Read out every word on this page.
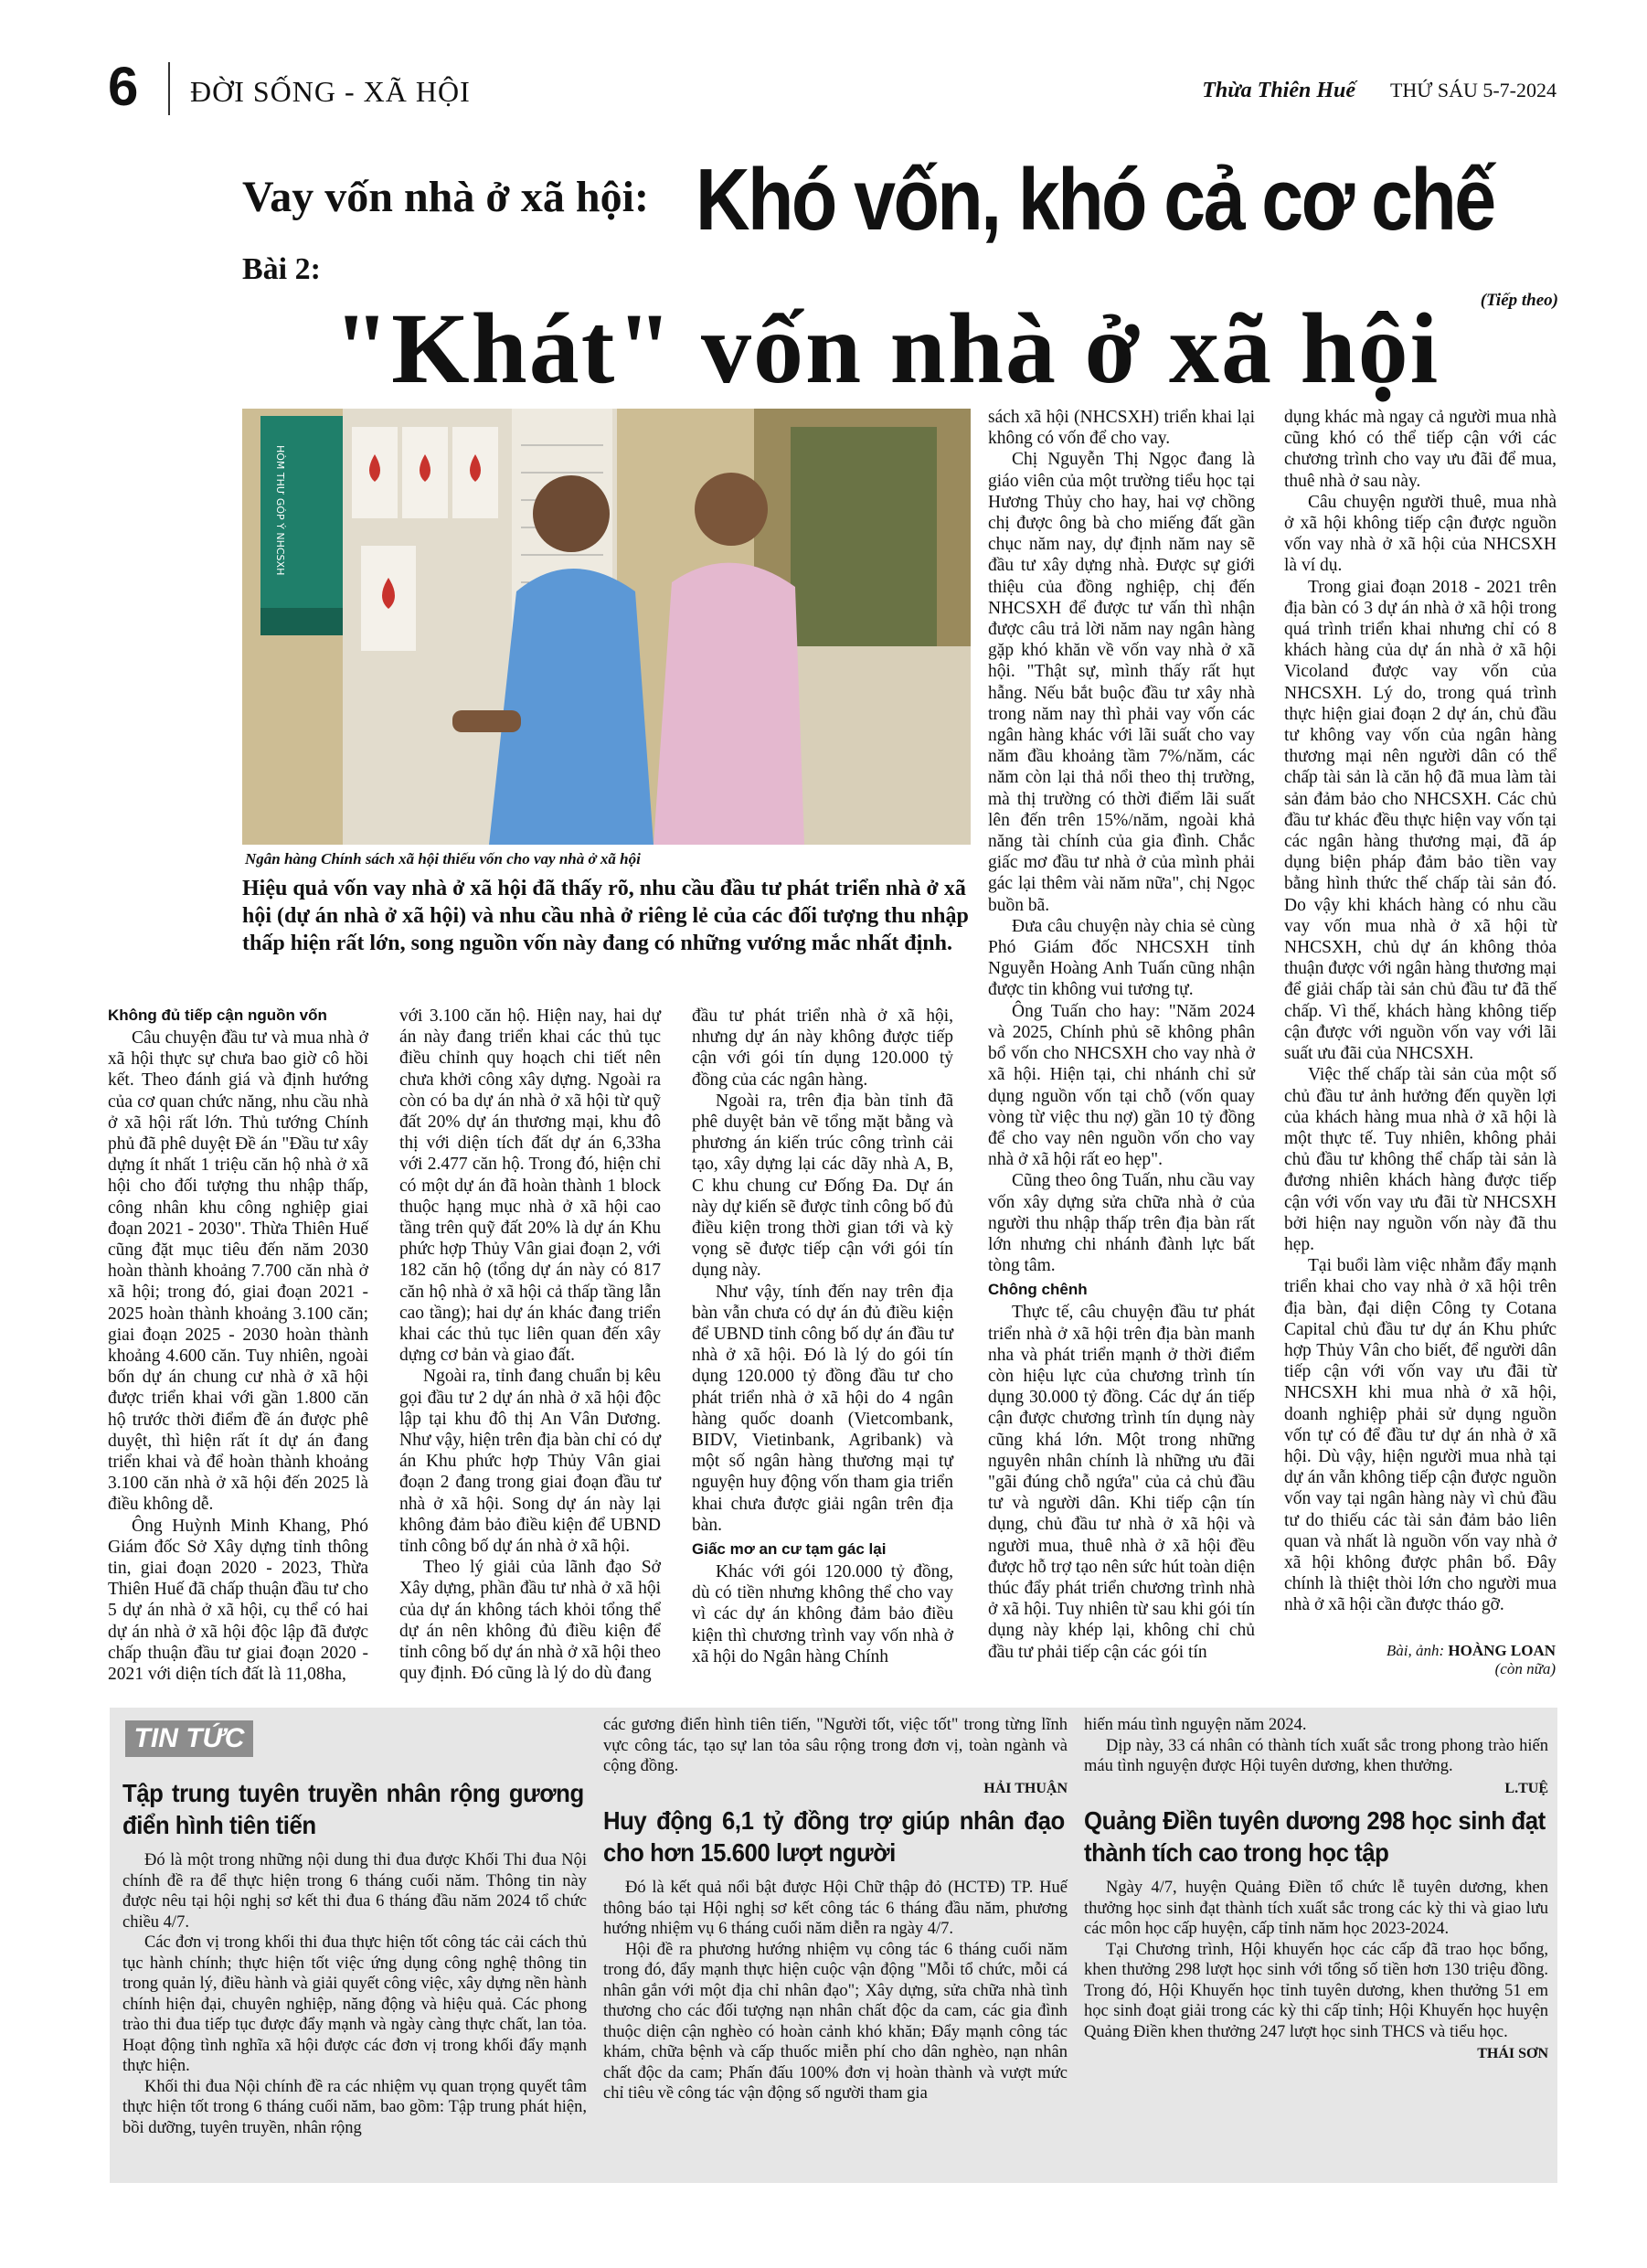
6 ĐỜI SỐNG - XÃ HỘI	Thừa Thiên Huế THỨ SÁU 5-7-2024
Vay vốn nhà ở xã hội: Khó vốn, khó cả cơ chế
Bài 2:
(Tiếp theo)
"Khát" vốn nhà ở xã hội
HÒM THƯ GÓP Ý NHCSXH
Ngân hàng Chính sách xã hội thiếu vốn cho vay nhà ở xã hội
Hiệu quả vốn vay nhà ở xã hội đã thấy rõ, nhu cầu đầu tư phát triển nhà ở xã hội (dự án nhà ở xã hội) và nhu cầu nhà ở riêng lẻ của các đối tượng thu nhập thấp hiện rất lớn, song nguồn vốn này đang có những vướng mắc nhất định.
Không đủ tiếp cận nguồn vốn

Câu chuyện đầu tư và mua nhà ở xã hội thực sự chưa bao giờ cô hồi kết. Theo đánh giá và định hướng của cơ quan chức năng, nhu cầu nhà ở xã hội rất lớn. Thủ tướng Chính phủ đã phê duyệt Đề án "Đầu tư xây dựng ít nhất 1 triệu căn hộ nhà ở xã hội cho đối tượng thu nhập thấp, công nhân khu công nghiệp giai đoạn 2021 - 2030". Thừa Thiên Huế cũng đặt mục tiêu đến năm 2030 hoàn thành khoảng 7.700 căn nhà ở xã hội; trong đó, giai đoạn 2021 - 2025 hoàn thành khoảng 3.100 căn; giai đoạn 2025 - 2030 hoàn thành khoảng 4.600 căn. Tuy nhiên, ngoài bốn dự án chung cư nhà ở xã hội được triển khai với gần 1.800 căn hộ trước thời điểm đề án được phê duyệt, thì hiện rất ít dự án đang triển khai và để hoàn thành khoảng 3.100 căn nhà ở xã hội đến 2025 là điều không dễ.

Ông Huỳnh Minh Khang, Phó Giám đốc Sở Xây dựng tỉnh thông tin, giai đoạn 2020 - 2023, Thừa Thiên Huế đã chấp thuận đầu tư cho 5 dự án nhà ở xã hội, cụ thể có hai dự án nhà ở xã hội độc lập đã được chấp thuận đầu tư giai đoạn 2020 - 2021 với diện tích đất là 11,08ha,

với 3.100 căn hộ. Hiện nay, hai dự án này đang triển khai các thủ tục điều chỉnh quy hoạch chi tiết nên chưa khởi công xây dựng. Ngoài ra còn có ba dự án nhà ở xã hội từ quỹ đất 20% dự án thương mại, khu đô thị với diện tích đất dự án 6,33ha với 2.477 căn hộ. Trong đó, hiện chỉ có một dự án đã hoàn thành 1 block thuộc hạng mục nhà ở xã hội cao tầng trên quỹ đất 20% là dự án Khu phức hợp Thủy Vân giai đoạn 2, với 182 căn hộ (tổng dự án này có 817 căn hộ nhà ở xã hội cả thấp tầng lẫn cao tầng); hai dự án khác đang triển khai các thủ tục liên quan đến xây dựng cơ bản và giao đất.

Ngoài ra, tỉnh đang chuẩn bị kêu gọi đầu tư 2 dự án nhà ở xã hội độc lập tại khu đô thị An Vân Dương. Như vậy, hiện trên địa bàn chỉ có dự án Khu phức hợp Thủy Vân giai đoạn 2 đang trong giai đoạn đầu tư nhà ở xã hội. Song dự án này lại không đảm bảo điều kiện để UBND tỉnh công bố dự án nhà ở xã hội.

Theo lý giải của lãnh đạo Sở Xây dựng, phần đầu tư nhà ở xã hội của dự án không tách khỏi tổng thể dự án nên không đủ điều kiện để tỉnh công bố dự án nhà ở xã hội theo quy định. Đó cũng là lý do dù đang

đầu tư phát triển nhà ở xã hội, nhưng dự án này không được tiếp cận với gói tín dụng 120.000 tỷ đồng của các ngân hàng.

Ngoài ra, trên địa bàn tỉnh đã phê duyệt bản vẽ tổng mặt bằng và phương án kiến trúc công trình cải tạo, xây dựng lại các dãy nhà A, B, C khu chung cư Đống Đa. Dự án này dự kiến sẽ được tỉnh công bố đủ điều kiện trong thời gian tới và kỳ vọng sẽ được tiếp cận với gói tín dụng này.

Như vậy, tính đến nay trên địa bàn vẫn chưa có dự án đủ điều kiện để UBND tỉnh công bố dự án đầu tư nhà ở xã hội. Đó là lý do gói tín dụng 120.000 tỷ đồng đầu tư cho phát triển nhà ở xã hội do 4 ngân hàng quốc doanh (Vietcombank, BIDV, Vietinbank, Agribank) và một số ngân hàng thương mại tự nguyện huy động vốn tham gia triển khai chưa được giải ngân trên địa bàn.

Giấc mơ an cư tạm gác lại

Khác với gói 120.000 tỷ đồng, dù có tiền nhưng không thể cho vay vì các dự án không đảm bảo điều kiện thì chương trình vay vốn nhà ở xã hội do Ngân hàng Chính

sách xã hội (NHCSXH) triển khai lại không có vốn để cho vay.

Chị Nguyễn Thị Ngọc đang là giáo viên của một trường tiểu học tại Hương Thủy cho hay, hai vợ chồng chị được ông bà cho miếng đất gần chục năm nay, dự định năm nay sẽ đầu tư xây dựng nhà. Được sự giới thiệu của đồng nghiệp, chị đến NHCSXH để được tư vấn thì nhận được câu trả lời năm nay ngân hàng gặp khó khăn về vốn vay nhà ở xã hội. "Thật sự, mình thấy rất hụt hẫng. Nếu bắt buộc đầu tư xây nhà trong năm nay thì phải vay vốn các ngân hàng khác với lãi suất cho vay năm đầu khoảng tầm 7%/năm, các năm còn lại thả nổi theo thị trường, mà thị trường có thời điểm lãi suất lên đến trên 15%/năm, ngoài khả năng tài chính của gia đình. Chắc giấc mơ đầu tư nhà ở của mình phải gác lại thêm vài năm nữa", chị Ngọc buồn bã.

Đưa câu chuyện này chia sẻ cùng Phó Giám đốc NHCSXH tỉnh Nguyễn Hoàng Anh Tuấn cũng nhận được tin không vui tương tự.

Ông Tuấn cho hay: "Năm 2024 và 2025, Chính phủ sẽ không phân bổ vốn cho NHCSXH cho vay nhà ở xã hội. Hiện tại, chi nhánh chỉ sử dụng nguồn vốn tại chỗ (vốn quay vòng từ việc thu nợ) gần 10 tỷ đồng để cho vay nên nguồn vốn cho vay nhà ở xã hội rất eo hẹp".

Cũng theo ông Tuấn, nhu cầu vay vốn xây dựng sửa chữa nhà ở của người thu nhập thấp trên địa bàn rất lớn nhưng chi nhánh đành lực bất tòng tâm.

Chông chênh

Thực tế, câu chuyện đầu tư phát triển nhà ở xã hội trên địa bàn manh nha và phát triển mạnh ở thời điểm còn hiệu lực của chương trình tín dụng 30.000 tỷ đồng. Các dự án tiếp cận được chương trình tín dụng này cũng khá lớn. Một trong những nguyên nhân chính là những ưu đãi "gãi đúng chỗ ngứa" của cả chủ đầu tư và người dân. Khi tiếp cận tín dụng, chủ đầu tư nhà ở xã hội và người mua, thuê nhà ở xã hội đều được hỗ trợ tạo nên sức hút toàn diện thúc đẩy phát triển chương trình nhà ở xã hội. Tuy nhiên từ sau khi gói tín dụng này khép lại, không chỉ chủ đầu tư phải tiếp cận các gói tín

dụng khác mà ngay cả người mua nhà cũng khó có thể tiếp cận với các chương trình cho vay ưu đãi để mua, thuê nhà ở sau này.

Câu chuyện người thuê, mua nhà ở xã hội không tiếp cận được nguồn vốn vay nhà ở xã hội của NHCSXH là ví dụ.

Trong giai đoạn 2018 - 2021 trên địa bàn có 3 dự án nhà ở xã hội trong quá trình triển khai nhưng chỉ có 8 khách hàng của dự án nhà ở xã hội Vicoland được vay vốn của NHCSXH. Lý do, trong quá trình thực hiện giai đoạn 2 dự án, chủ đầu tư không vay vốn của ngân hàng thương mại nên người dân có thể chấp tài sản là căn hộ đã mua làm tài sản đảm bảo cho NHCSXH. Các chủ đầu tư khác đều thực hiện vay vốn tại các ngân hàng thương mại, đã áp dụng biện pháp đảm bảo tiền vay bằng hình thức thế chấp tài sản đó. Do vậy khi khách hàng có nhu cầu vay vốn mua nhà ở xã hội từ NHCSXH, chủ dự án không thỏa thuận được với ngân hàng thương mại để giải chấp tài sản chủ đầu tư đã thế chấp. Vì thế, khách hàng không tiếp cận được với nguồn vốn vay với lãi suất ưu đãi của NHCSXH.

Việc thế chấp tài sản của một số chủ đầu tư ảnh hưởng đến quyền lợi của khách hàng mua nhà ở xã hội là một thực tế. Tuy nhiên, không phải chủ đầu tư không thể chấp tài sản là đương nhiên khách hàng được tiếp cận với vốn vay ưu đãi từ NHCSXH bởi hiện nay nguồn vốn này đã thu hẹp.

Tại buổi làm việc nhằm đẩy mạnh triển khai cho vay nhà ở xã hội trên địa bàn, đại diện Công ty Cotana Capital chủ đầu tư dự án Khu phức hợp Thủy Vân cho biết, để người dân tiếp cận với vốn vay ưu đãi từ NHCSXH khi mua nhà ở xã hội, doanh nghiệp phải sử dụng nguồn vốn tự có để đầu tư dự án nhà ở xã hội. Dù vậy, hiện người mua nhà tại dự án vẫn không tiếp cận được nguồn vốn vay tại ngân hàng này vì chủ đầu tư do thiếu các tài sản đảm bảo liên quan và nhất là nguồn vốn vay nhà ở xã hội không được phân bổ. Đây chính là thiệt thòi lớn cho người mua nhà ở xã hội cần được tháo gỡ.

Bài, ảnh: HOÀNG LOAN
(còn nữa)
TIN TỨC
Tập trung tuyên truyền nhân rộng gương điển hình tiên tiến

Đó là một trong những nội dung thi đua được Khối Thi đua Nội chính đề ra để thực hiện trong 6 tháng cuối năm. Thông tin này được nêu tại hội nghị sơ kết thi đua 6 tháng đầu năm 2024 tổ chức chiều 4/7.

Các đơn vị trong khối thi đua thực hiện tốt công tác cải cách thủ tục hành chính; thực hiện tốt việc ứng dụng công nghệ thông tin trong quản lý, điều hành và giải quyết công việc, xây dựng nền hành chính hiện đại, chuyên nghiệp, năng động và hiệu quả. Các phong trào thi đua tiếp tục được đẩy mạnh và ngày càng thực chất, lan tỏa. Hoạt động tình nghĩa xã hội được các đơn vị trong khối đẩy mạnh thực hiện.

Khối thi đua Nội chính đề ra các nhiệm vụ quan trọng quyết tâm thực hiện tốt trong 6 tháng cuối năm, bao gồm: Tập trung phát hiện, bồi dưỡng, tuyên truyền, nhân rộng

các gương điển hình tiên tiến, "Người tốt, việc tốt" trong từng lĩnh vực công tác, tạo sự lan tỏa sâu rộng trong đơn vị, toàn ngành và cộng đồng.

HẢI THUẬN

Huy động 6,1 tỷ đồng trợ giúp nhân đạo cho hơn 15.600 lượt người

Đó là kết quả nổi bật được Hội Chữ thập đỏ (HCTĐ) TP. Huế thông báo tại Hội nghị sơ kết công tác 6 tháng đầu năm, phương hướng nhiệm vụ 6 tháng cuối năm diễn ra ngày 4/7.

Hội đề ra phương hướng nhiệm vụ công tác 6 tháng cuối năm trong đó, đẩy mạnh thực hiện cuộc vận động "Mỗi tổ chức, mỗi cá nhân gắn với một địa chỉ nhân đạo"; Xây dựng, sửa chữa nhà tình thương cho các đối tượng nạn nhân chất độc da cam, các gia đình thuộc diện cận nghèo có hoàn cảnh khó khăn; Đẩy mạnh công tác khám, chữa bệnh và cấp thuốc miễn phí cho dân nghèo, nạn nhân chất độc da cam; Phấn đấu 100% đơn vị hoàn thành và vượt mức chỉ tiêu về công tác vận động số người tham gia

hiến máu tình nguyện năm 2024.

Dịp này, 33 cá nhân có thành tích xuất sắc trong phong trào hiến máu tình nguyện được Hội tuyên dương, khen thưởng.

L.TUỆ

Quảng Điền tuyên dương 298 học sinh đạt thành tích cao trong học tập

Ngày 4/7, huyện Quảng Điền tổ chức lễ tuyên dương, khen thưởng học sinh đạt thành tích xuất sắc trong các kỳ thi và giao lưu các môn học cấp huyện, cấp tỉnh năm học 2023-2024.

Tại Chương trình, Hội khuyến học các cấp đã trao học bổng, khen thưởng 298 lượt học sinh với tổng số tiền hơn 130 triệu đồng. Trong đó, Hội Khuyến học tỉnh tuyên dương, khen thưởng 51 em học sinh đoạt giải trong các kỳ thi cấp tỉnh; Hội Khuyến học huyện Quảng Điền khen thưởng 247 lượt học sinh THCS và tiểu học.

THÁI SƠN
